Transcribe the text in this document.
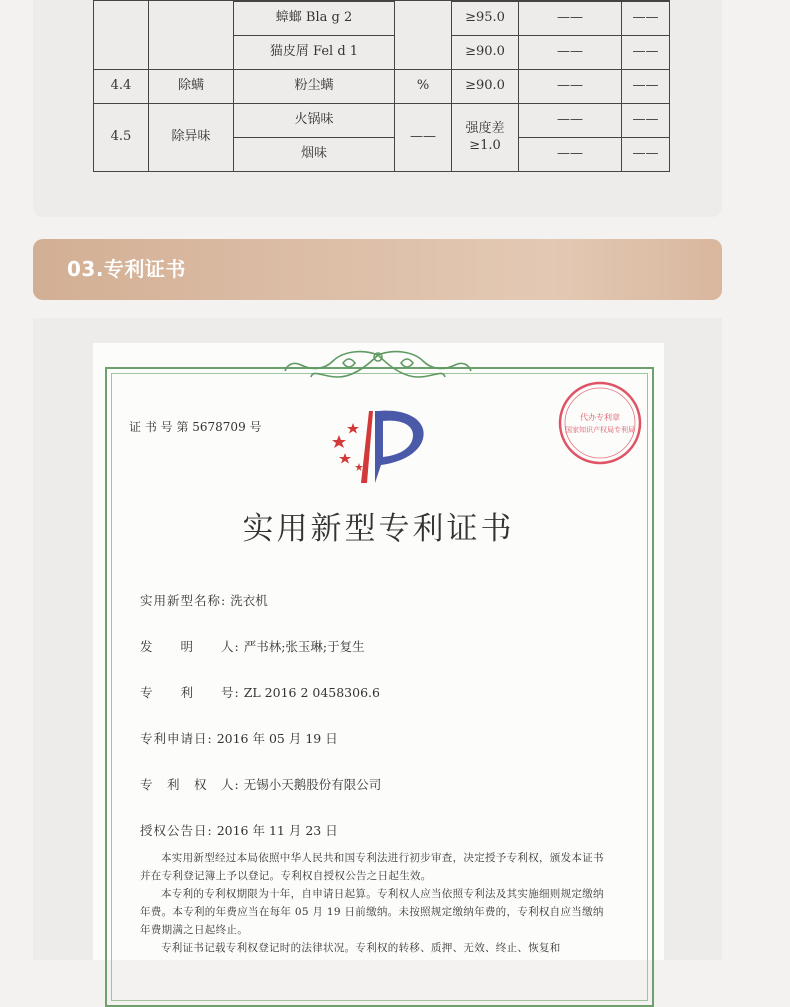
		蟑螂 Bla g 2		≥95.0	——	——
		猫皮屑 Fel d 1		≥90.0	——	——
4.4	除螨	粉尘螨	%	≥90.0	——	——
4.5	除异味	火锅味	——	强度差≥1.0	——	——
		烟味			——	——
03.专利证书
证 书 号 第 5678709 号
代办专利章
国家知识产权局专利局
实用新型专利证书
实用新型名称: 洗衣机
发　　明　　人: 严书林;张玉琳;于复生
专　　利　　号: ZL 2016 2 0458306.6
专利申请日: 2016 年 05 月 19 日
专　利　权　人: 无锡小天鹅股份有限公司
授权公告日: 2016 年 11 月 23 日

本实用新型经过本局依照中华人民共和国专利法进行初步审查，决定授予专利权，颁发本证书并在专利登记簿上予以登记。专利权自授权公告之日起生效。

本专利的专利权期限为十年，自申请日起算。专利权人应当依照专利法及其实施细则规定缴纳年费。本专利的年费应当在每年 05 月 19 日前缴纳。未按照规定缴纳年费的，专利权自应当缴纳年费期满之日起终止。

专利证书记载专利权登记时的法律状况。专利权的转移、质押、无效、终止、恢复和
